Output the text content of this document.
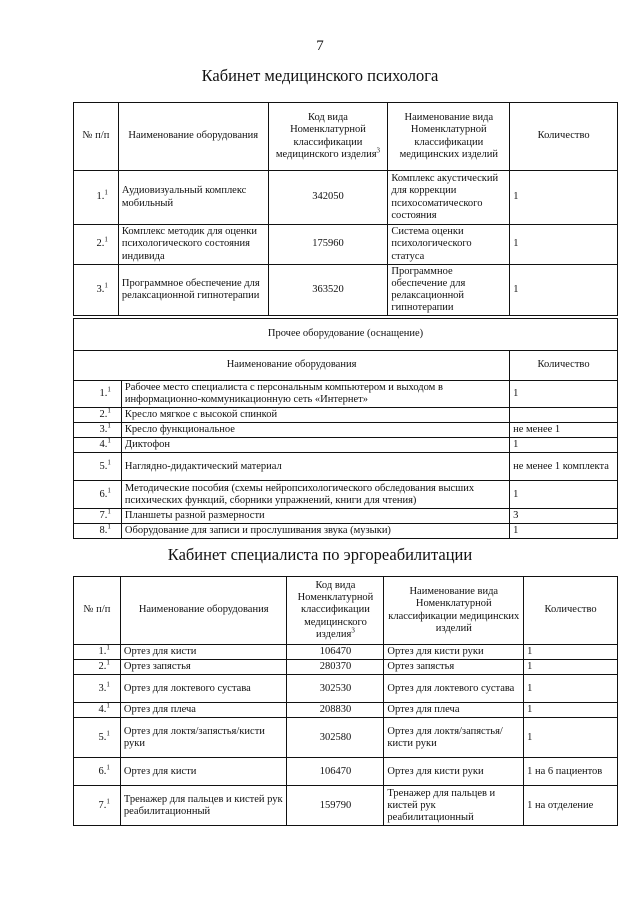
7
Кабинет медицинского психолога
№ п/п	Наименование оборудования	Код вида Номенклатурной классификации медицинского изделия$^3$	Наименование вида Номенклатурной классификации медицинских изделий	Количество
1.$^1$	Аудиовизуальный комплекс мобильный	342050	Комплекс акустический для коррекции психосоматического состояния	1
2.$^1$	Комплекс методик для оценки психологического состояния индивида	175960	Система оценки психологического статуса	1
3.$^1$	Программное обеспечение для релаксационной гипнотерапии	363520	Программное обеспечение для релаксационной гипнотерапии	1
Прочее оборудование (оснащение)		
Наименование оборудования		Количество
1.$^1$	Рабочее место специалиста с персональным компьютером и выходом в информационно-коммуникационную сеть «Интернет»	1
2.$^1$	Кресло мягкое с высокой спинкой	
3.$^1$	Кресло функциональное	не менее 1
4.$^1$	Диктофон	1
5.$^1$	Наглядно-дидактический материал	не менее 1 комплекта
6.$^1$	Методические пособия (схемы нейропсихологического обследования высших психических функций, сборники упражнений, книги для чтения)	1
7.$^1$	Планшеты разной размерности	3
8.$^1$	Оборудование для записи и прослушивания звука (музыки)	1
Кабинет специалиста по эргореабилитации
№ п/п	Наименование оборудования	Код вида Номенклатурной классификации медицинского изделия$^3$	Наименование вида Номенклатурной классификации медицинских изделий	Количество
1.$^1$	Ортез для кисти	106470	Ортез для кисти руки	1
2.$^1$	Ортез запястья	280370	Ортез запястья	1
3.$^1$	Ортез для локтевого сустава	302530	Ортез для локтевого сустава	1
4.$^1$	Ортез для плеча	208830	Ортез для плеча	1
5.$^1$	Ортез для локтя/запястья/кисти руки	302580	Ортез для локтя/запястья/кисти руки	1
6.$^1$	Ортез для кисти	106470	Ортез для кисти руки	1 на 6 пациентов
7.$^1$	Тренажер для пальцев и кистей рук реабилитационный	159790	Тренажер для пальцев и кистей рук реабилитационный	1 на отделение
